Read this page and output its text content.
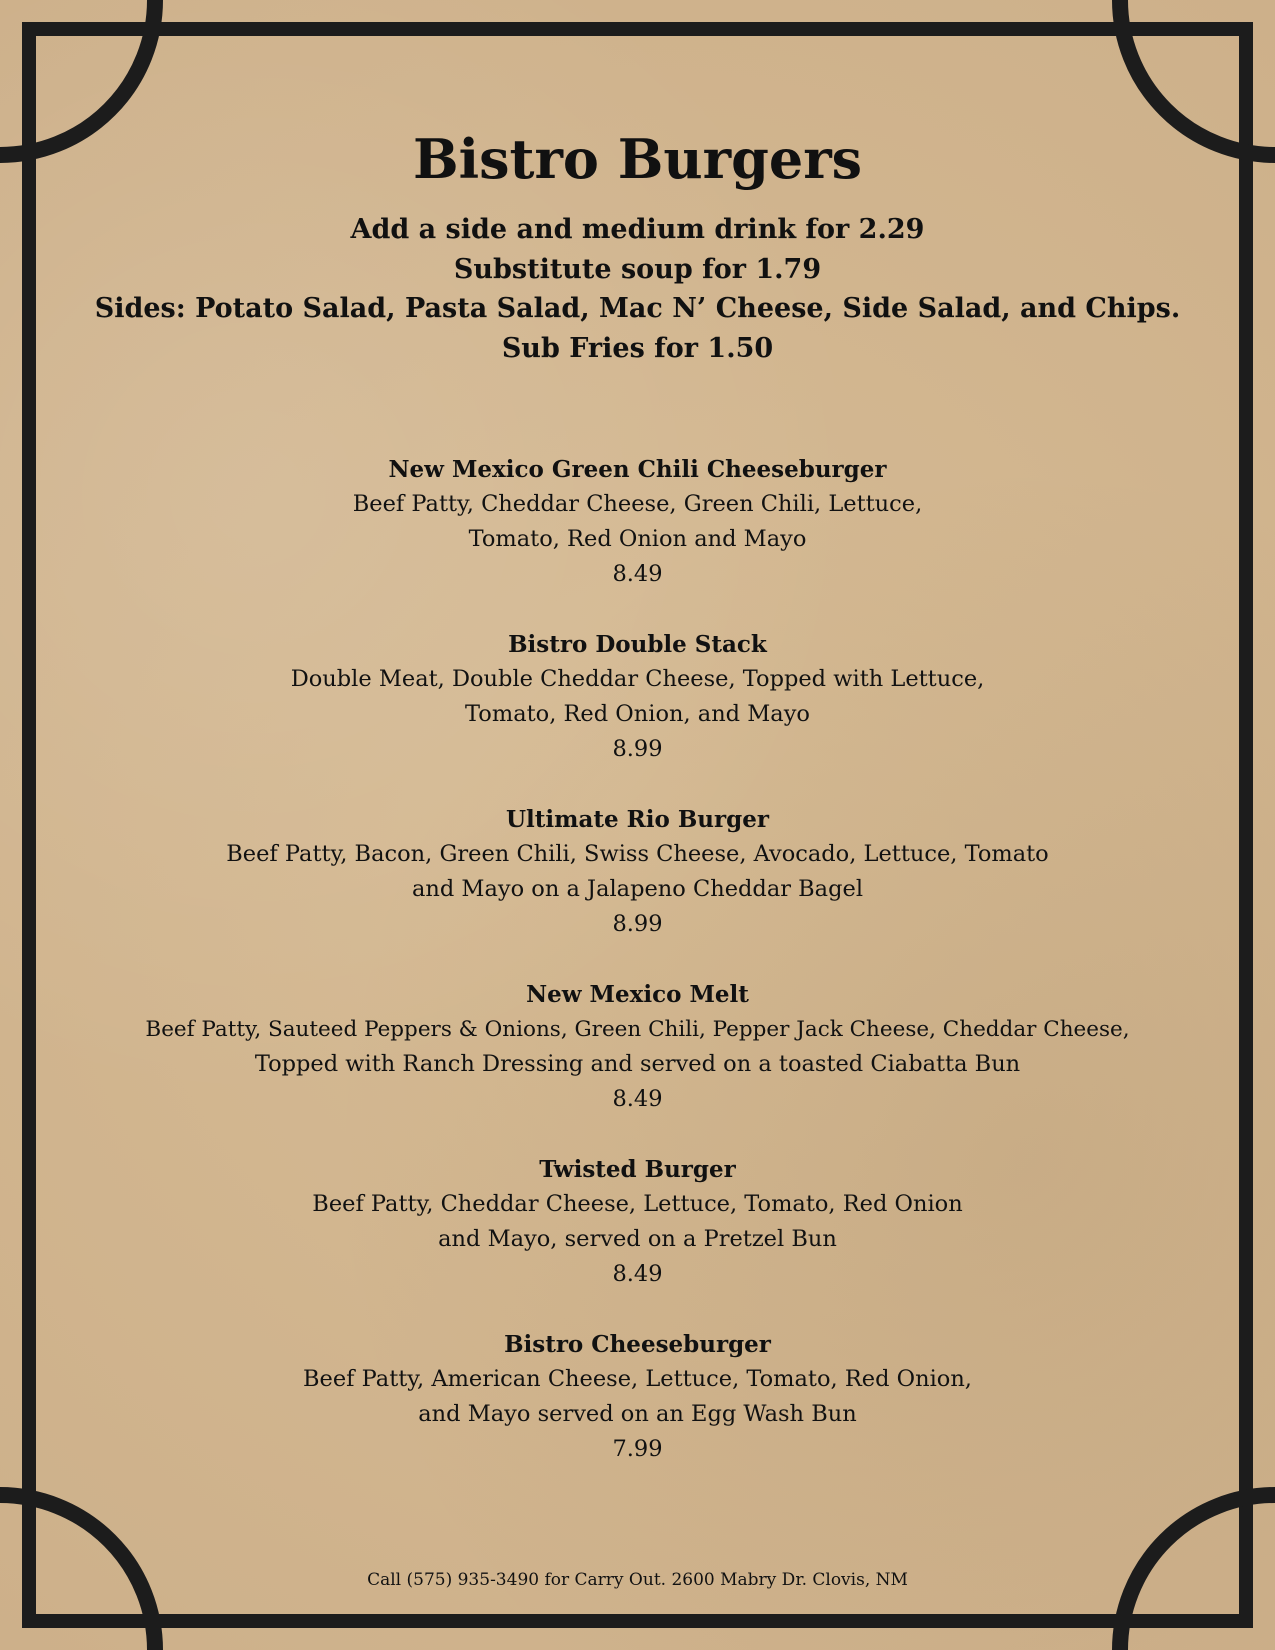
Bistro Burgers
Add a side and medium drink for 2.29
Substitute soup for 1.79
Sides: Potato Salad, Pasta Salad, Mac N’ Cheese, Side Salad, and Chips.
Sub Fries for 1.50
New Mexico Green Chili Cheeseburger
Beef Patty, Cheddar Cheese, Green Chili, Lettuce,
Tomato, Red Onion and Mayo
8.49
Bistro Double Stack
Double Meat, Double Cheddar Cheese, Topped with Lettuce,
Tomato, Red Onion, and Mayo
8.99
Ultimate Rio Burger
Beef Patty, Bacon, Green Chili, Swiss Cheese, Avocado, Lettuce, Tomato
and Mayo on a Jalapeno Cheddar Bagel
8.99
New Mexico Melt
Beef Patty, Sauteed Peppers & Onions, Green Chili, Pepper Jack Cheese, Cheddar Cheese,
Topped with Ranch Dressing and served on a toasted Ciabatta Bun
8.49
Twisted Burger
Beef Patty, Cheddar Cheese, Lettuce, Tomato, Red Onion
and Mayo, served on a Pretzel Bun
8.49
Bistro Cheeseburger
Beef Patty, American Cheese, Lettuce, Tomato, Red Onion,
and Mayo served on an Egg Wash Bun
7.99
Call (575) 935-3490 for Carry Out. 2600 Mabry Dr. Clovis, NM
